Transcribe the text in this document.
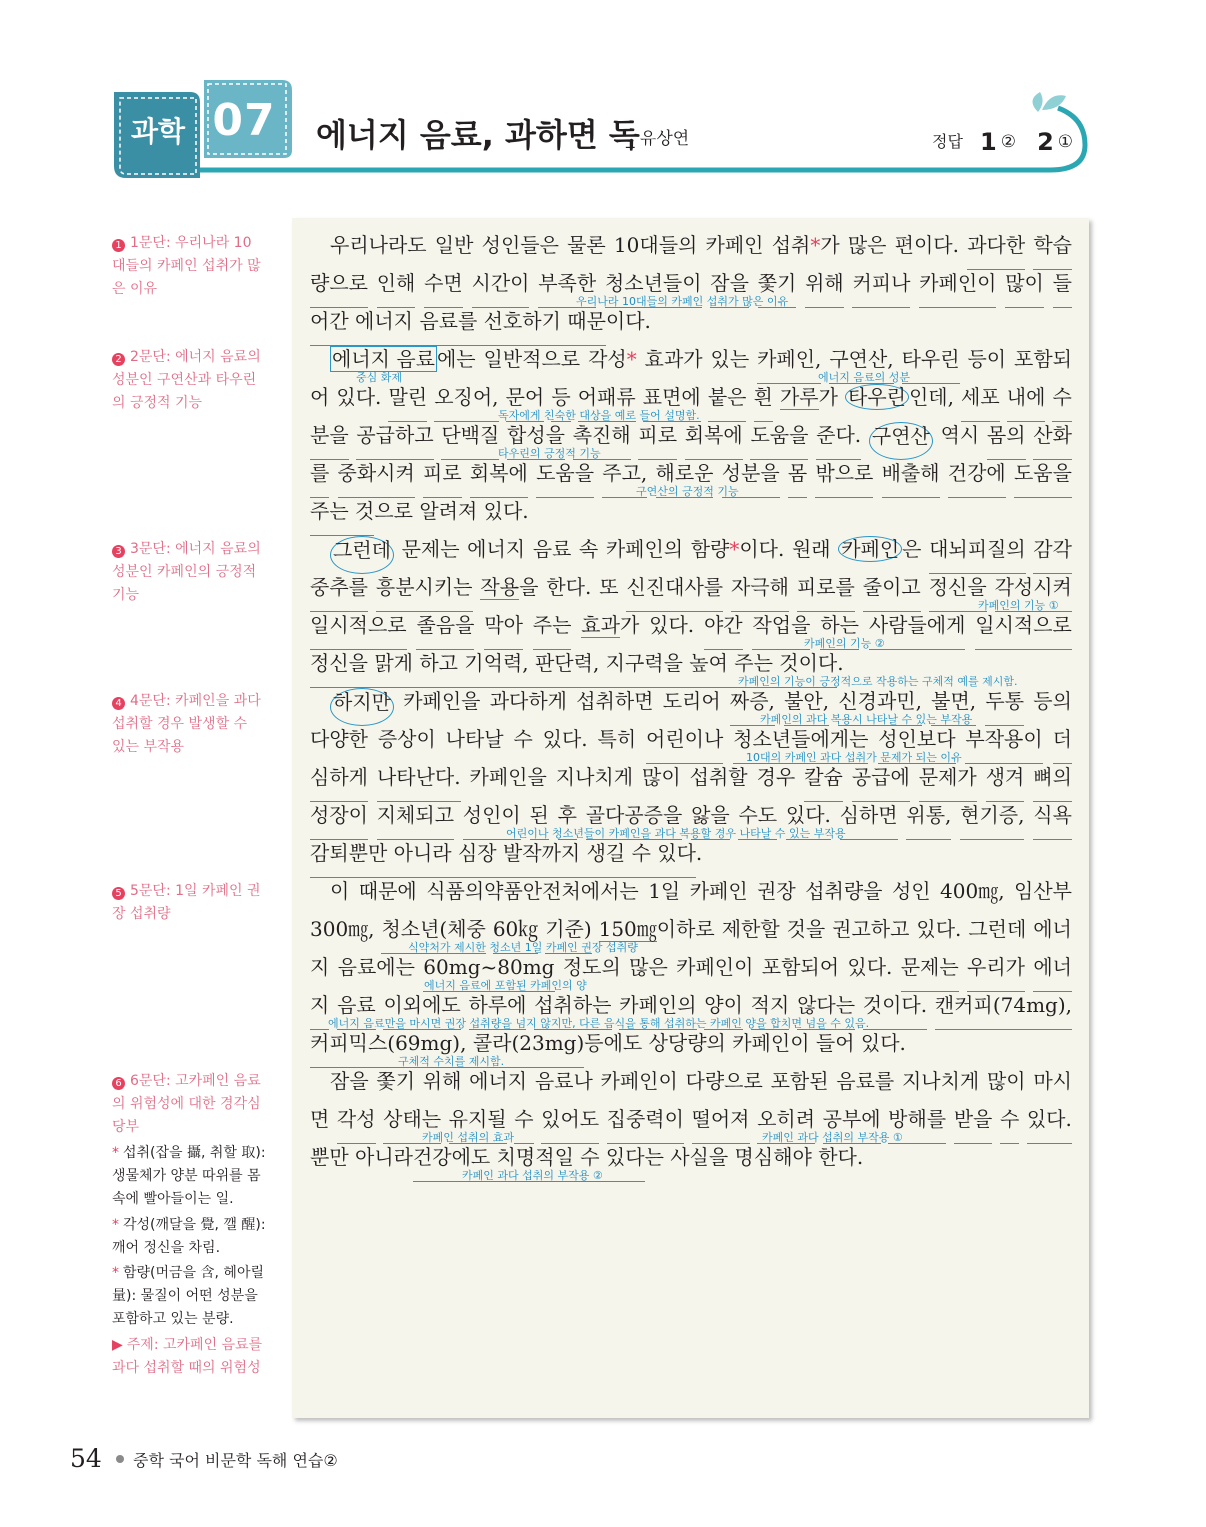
과학 07	에너지 음료, 과하면 독
_ 유상연	정답 1 ② 2 ①
1 1문단: 우리나라 10대들의 카페인 섭취가 많은 이유
2 2문단: 에너지 음료의 성분인 구연산과 타우린의 긍정적 기능
3 3문단: 에너지 음료의 성분인 카페인의 긍정적 기능
4 4문단: 카페인을 과다 섭취할 경우 발생할 수 있는 부작용
5 5문단: 1일 카페인 권장 섭취량
6 6문단: 고카페인 음료의 위험성에 대한 경각심 당부
* 섭취(잡을 攝, 취할 取): 생물체가 양분 따위를 몸속에 빨아들이는 일.
* 각성(깨달을 覺, 깰 醒): 깨어 정신을 차림.
* 함량(머금을 含, 헤아릴 量): 물질이 어떤 성분을 포함하고 있는 분량.
▶ 주제: 고카페인 음료를 과다 섭취할 때의 위험성
우리나라도 일반 성인들은 물론 10대들의 카페인 섭취*가 많은 편이다. 과다한 학습
량으로 인해 수면 시간이 부족한 청소년들이 잠을 쫓기 위해 커피나 카페인이 많이 들
우리나라 10대들의 카페인 섭취가 많은 이유
어간 에너지 음료를 선호하기 때문 이다.
에너지 음료 에는 일반적으로 각성* 효과가 있는 카페인, 구연산, 타우린 등이 포함되
중심 화제	에너지 음료의 성분
어 있다. 말린 오징어, 문어 등 어패류 표면에 붙은 흰 가루가 타우린 인데, 세포 내에 수
독자에게 친숙한 대상을 예로 들어 설명함.
분을 공급하고 단백질 합성을 촉진해 피로 회복에 도움을 준다. 구연산 역시 몸의 산화
타우린의 긍정적 기능
를 중화시켜 피로 회복에 도움을 주고, 해로운 성분을 몸 밖으로 배출해 건강에 도움을
구연산의 긍정적 기능
주는 것 으로 알려져 있다.
그런데 문제는 에너지 음료 속 카페인의 함량*이다. 원래 카페인 은 대뇌피질의 감각
중추를 흥분시키는 작용을 한다. 또 신진대사를 자극해 피로를 줄이고 정신을 각성시켜
카페인의 기능 ①
일시적으로 졸음을 막아 주는 효과가 있다. 야간 작업을 하는 사람들에게 일시적으로
카페인의 기능 ②
정신을 맑게 하고 기억력, 판단력, 지구력을 높여 주는 것이다 .
카페인의 기능이 긍정적으로 작용하는 구체적 예를 제시함.
하지만 카페인을 과다하게 섭취하면 도리어 짜증, 불안, 신경과민, 불면, 두통 등의
다양한 증상이 나타날 수 있다. 특히 어린이나 청소년들에게는 성인보다 부작용이 더
카페인의 과다 복용시 나타날 수 있는 부작용
심하게 나타난다. 카페인을 지나치게 많이 섭취할 경우 칼슘 공급에 문제가 생겨 뼈의
10대의 카페인 과다 섭취가 문제가 되는 이유
성장이 지체되고 성인이 된 후 골다공증을 앓을 수도 있다. 심하면 위통, 현기증, 식욕
감퇴뿐만 아니라 심장 발작까지 생길 수 있다 .
어린이나 청소년들이 카페인을 과다 복용할 경우 나타날 수 있는 부작용
이 때문에 식품의약품안전처에서는 1일 카페인 권장 섭취량을 성인 400㎎, 임산부
300㎎, 청소년(체중 60㎏ 기준) 150㎎이하로 제한할 것을 권고하고 있다. 그런데 에너
지 음료에는 60mg~80mg 정도의 많은 카페인이 포함되어 있다. 문제는 우리가 에너
식약처가 제시한 청소년 1일 카페인 권장 섭취량
지 음료 이외에도 하루에 섭취하는 카페인의 양이 적지 않다는 것이다. 캔커피(74mg),
에너지 음료에 포함된 카페인의 양
커피믹스(69mg), 콜라(23mg) 등에도 상당량의 카페인이 들어 있다.
에너지 음료만을 마시면 권장 섭취량을 넘지 않지만, 다른 음식을 통해 섭취하는 카페인 양을 합치면 넘을 수 있음.
잠을 쫓기 위해 에너지 음료나 카페인이 다량으로 포함된 음료를 지나치게 많이 마시
구체적 수치를 제시함.
면 각성 상태는 유지될 수 있어도 집중력이 떨어져 오히려 공부에 방해를 받을 수 있다.
뿐만 아니라 건강에도 치명적일 수 있다 는 사실을 명심해야 한다.
카페인 섭취의 효과	카페인 과다 섭취의 부작용 ①
카페인 과다 섭취의 부작용 ②
54 중학 국어 비문학 독해 연습②
